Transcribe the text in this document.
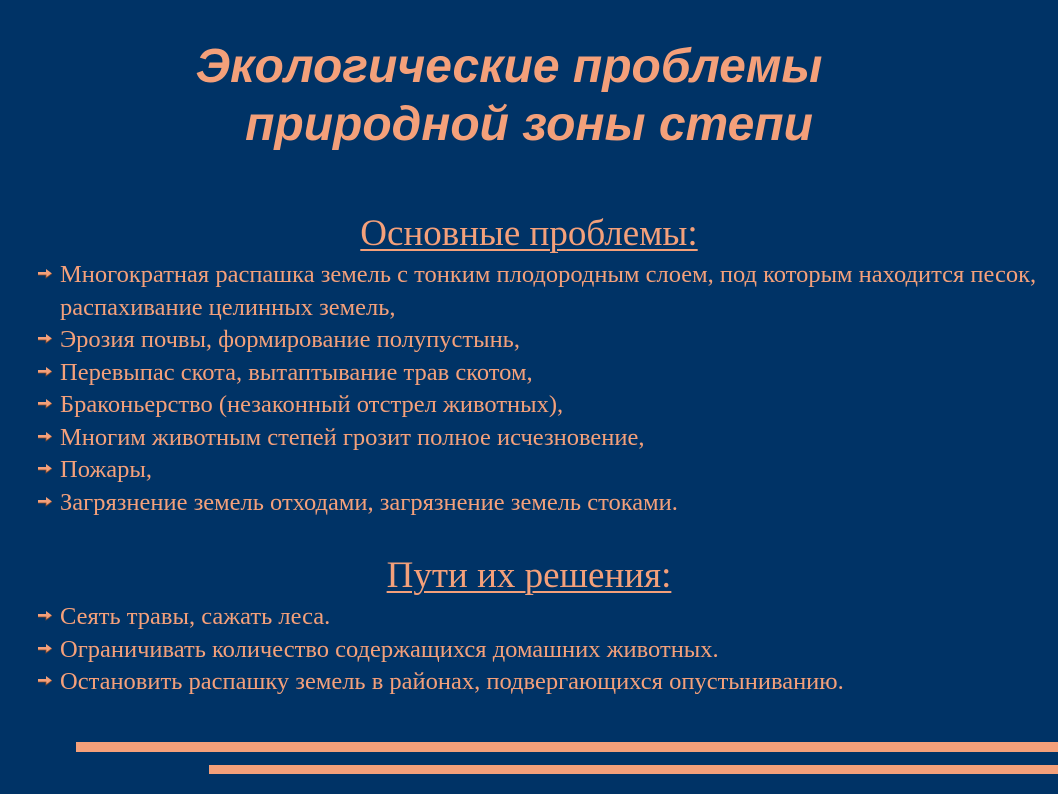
Экологические проблемы
природной зоны степи
Основные проблемы:
Многократная распашка земель с тонким плодородным слоем, под которым находится песок, распахивание целинных земель,
Эрозия почвы, формирование полупустынь,
Перевыпас скота, вытаптывание трав скотом,
Браконьерство (незаконный отстрел животных),
Многим животным степей грозит полное исчезновение,
Пожары,
Загрязнение земель отходами, загрязнение земель стоками.
Пути их решения:
Сеять травы, сажать леса.
Ограничивать количество содержащихся домашних животных.
Остановить распашку земель в районах, подвергающихся опустыниванию.
